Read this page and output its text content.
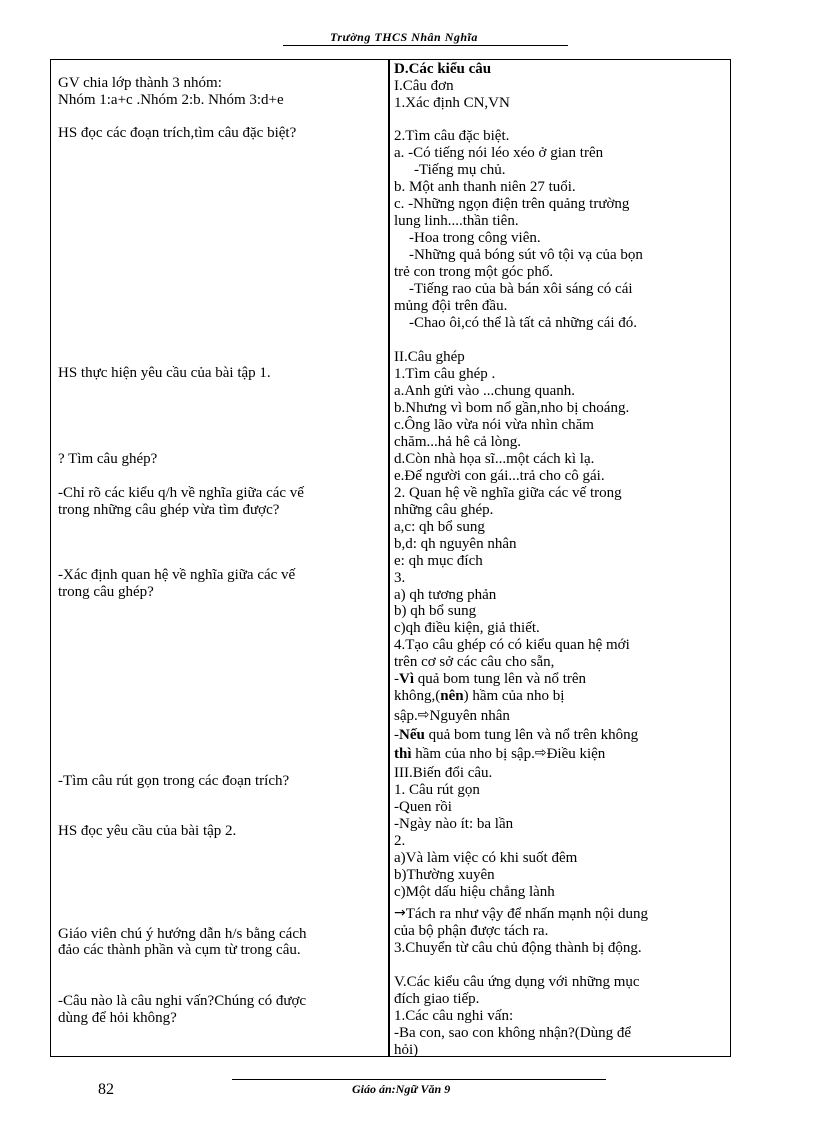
Trường THCS Nhân Nghĩa
GV chia lớp thành 3 nhóm:
Nhóm 1:a+c .Nhóm 2:b. Nhóm 3:d+e
HS đọc các đoạn trích,tìm câu đặc biệt?
HS thực hiện yêu cầu của bài tập 1.
? Tìm câu ghép?
-Chỉ rõ các kiểu q/h về nghĩa giữa các vế
trong những câu ghép vừa tìm được?
-Xác định quan hệ về nghĩa giữa các vế
trong câu ghép?
-Tìm câu rút gọn trong các đoạn trích?
HS đọc yêu cầu của bài tập 2.
Giáo viên chú ý hướng dẫn h/s bằng cách
đảo các thành phần và cụm từ trong câu.
-Câu nào là câu nghi vấn?Chúng có được
dùng để hỏi không?
D.Các kiểu câu
I.Câu đơn
1.Xác định CN,VN
2.Tìm câu đặc biệt.
a. -Có tiếng nói léo xéo ở gian trên
-Tiếng mụ chủ.
b. Một anh thanh niên 27 tuổi.
c. -Những ngọn điện trên quảng trường
lung linh....thần tiên.
-Hoa trong công viên.
-Những quả bóng sút vô tội vạ của bọn
trẻ con trong một góc phố.
-Tiếng rao của bà bán xôi sáng có cái
mủng đội trên đầu.
-Chao ôi,có thể là tất cả những cái đó.
II.Câu ghép
1.Tìm câu ghép .
a.Anh gửi vào ...chung quanh.
b.Nhưng vì bom nổ gần,nho bị choáng.
c.Ông lão vừa nói vừa nhìn chăm
chăm...hả hê cả lòng.
d.Còn nhà họa sĩ...một cách kì lạ.
e.Để người con gái...trả cho cô gái.
2. Quan hệ về nghĩa giữa các vế trong
những câu ghép.
a,c: qh bổ sung
b,d: qh nguyên nhân
e: qh mục đích
3.
a) qh tương phản
b) qh bổ sung
c)qh điều kiện, giả thiết.
4.Tạo câu ghép có có kiểu quan hệ mới
trên cơ sở các câu cho sẵn,
-Vì quả bom tung lên và nổ trên
không,(nên) hầm của nho bị
sập.⇨Nguyên nhân
-Nếu quả bom tung lên và nổ trên không
thì hầm của nho bị sập.⇨Điều kiện
III.Biến đổi câu.
1. Câu rút gọn
-Quen rồi
-Ngày nào ít: ba lần
2.
a)Và làm việc có khi suốt đêm
b)Thường xuyên
c)Một dấu hiệu chẳng lành
→Tách ra như vậy để nhấn mạnh nội dung
của bộ phận được tách ra.
3.Chuyển từ câu chủ động thành bị động.
V.Các kiểu câu ứng dụng với những mục
đích giao tiếp.
1.Các câu nghi vấn:
-Ba con, sao con không nhận?(Dùng để
hỏi)
82	Giáo án:Ngữ Văn 9
